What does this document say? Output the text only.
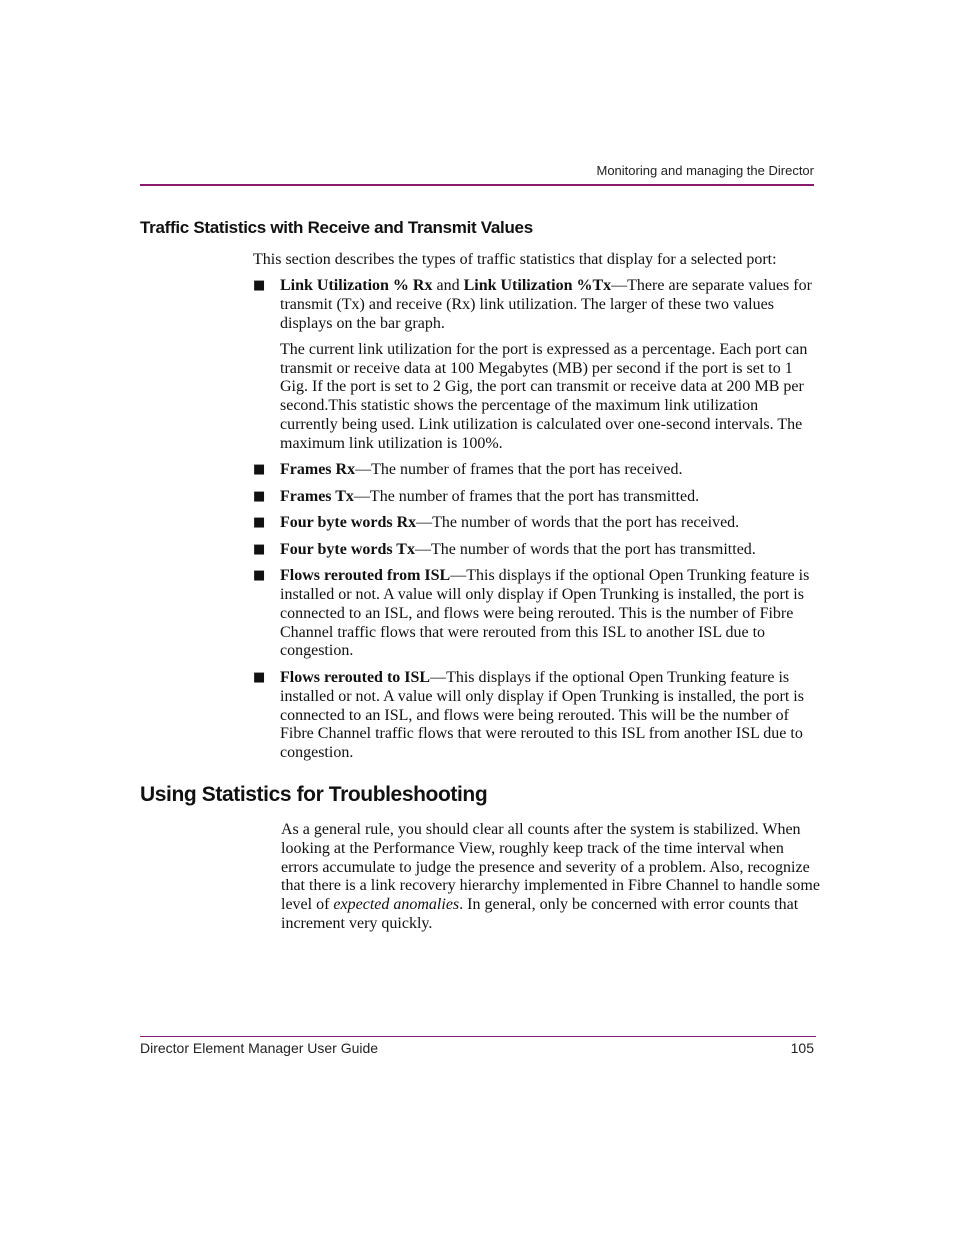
Monitoring and managing the Director
Traffic Statistics with Receive and Transmit Values
This section describes the types of traffic statistics that display for a selected port:
■ Link Utilization % Rx and Link Utilization %Tx—There are separate values for transmit (Tx) and receive (Rx) link utilization. The larger of these two values displays on the bar graph.

The current link utilization for the port is expressed as a percentage. Each port can transmit or receive data at 100 Megabytes (MB) per second if the port is set to 1 Gig. If the port is set to 2 Gig, the port can transmit or receive data at 200 MB per second.This statistic shows the percentage of the maximum link utilization currently being used. Link utilization is calculated over one-second intervals. The maximum link utilization is 100%.

■ Frames Rx—The number of frames that the port has received.
■ Frames Tx—The number of frames that the port has transmitted.
■ Four byte words Rx—The number of words that the port has received.
■ Four byte words Tx—The number of words that the port has transmitted.
■ Flows rerouted from ISL—This displays if the optional Open Trunking feature is installed or not. A value will only display if Open Trunking is installed, the port is connected to an ISL, and flows were being rerouted. This is the number of Fibre Channel traffic flows that were rerouted from this ISL to another ISL due to congestion.
■ Flows rerouted to ISL—This displays if the optional Open Trunking feature is installed or not. A value will only display if Open Trunking is installed, the port is connected to an ISL, and flows were being rerouted. This will be the number of Fibre Channel traffic flows that were rerouted to this ISL from another ISL due to congestion.
Using Statistics for Troubleshooting
As a general rule, you should clear all counts after the system is stabilized. When looking at the Performance View, roughly keep track of the time interval when errors accumulate to judge the presence and severity of a problem. Also, recognize that there is a link recovery hierarchy implemented in Fibre Channel to handle some level of expected anomalies. In general, only be concerned with error counts that increment very quickly.
Director Element Manager User Guide	105
